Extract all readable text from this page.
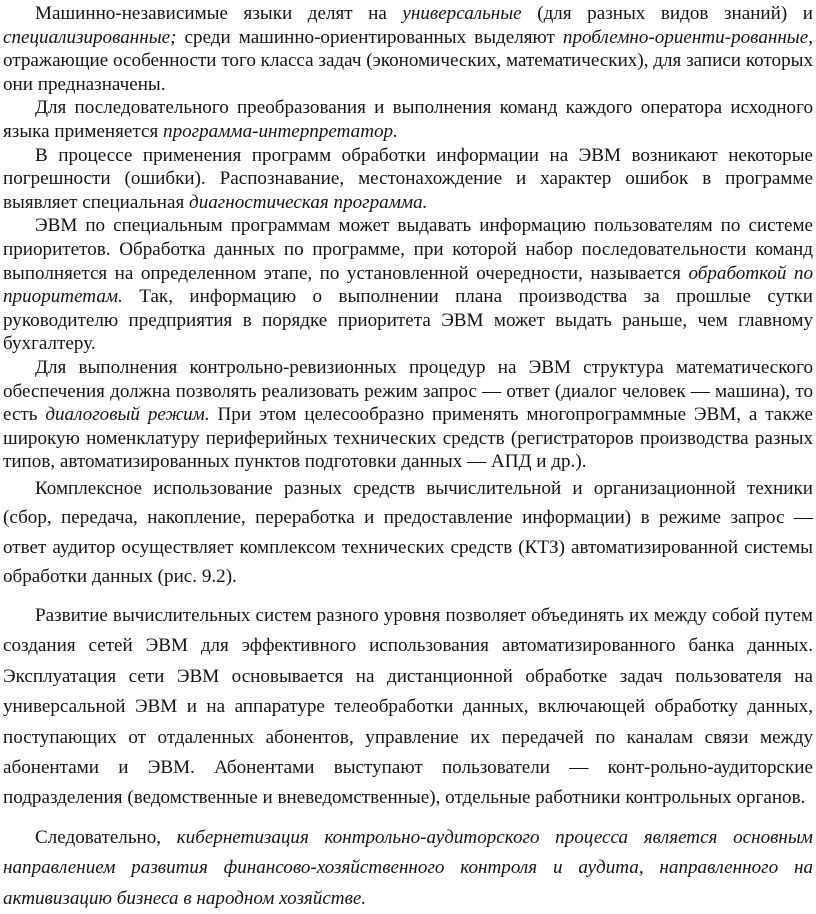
Машинно-независимые языки делят на универсальные (для разных видов знаний) и специализированные; среди машинно-ориентированных выделяют проблемно-ориенти-рованные, отражающие особенности того класса задач (экономических, математических), для записи которых они предназначены.

Для последовательного преобразования и выполнения команд каждого оператора исходного языка применяется программа-интерпретатор.

В процессе применения программ обработки информации на ЭВМ возникают некоторые погрешности (ошибки). Распознавание, местонахождение и характер ошибок в программе выявляет специальная диагностическая программа.

ЭВМ по специальным программам может выдавать информацию пользователям по системе приоритетов. Обработка данных по программе, при которой набор последовательности команд выполняется на определенном этапе, по установленной очередности, называется обработкой по приоритетам. Так, информацию о выполнении плана производства за прошлые сутки руководителю предприятия в порядке приоритета ЭВМ может выдать раньше, чем главному бухгалтеру.

Для выполнения контрольно-ревизионных процедур на ЭВМ структура математического обеспечения должна позволять реализовать режим запрос — ответ (диалог человек — машина), то есть диалоговый режим. При этом целесообразно применять многопрограммные ЭВМ, а также широкую номенклатуру периферийных технических средств (регистраторов производства разных типов, автоматизированных пунктов подготовки данных — АПД и др.).

Комплексное использование разных средств вычислительной и организационной техники (сбор, передача, накопление, переработка и предоставление информации) в режиме запрос — ответ аудитор осуществляет комплексом технических средств (КТЗ) автоматизированной системы обработки данных (рис. 9.2).

Развитие вычислительных систем разного уровня позволяет объединять их между собой путем создания сетей ЭВМ для эффективного использования автоматизированного банка данных. Эксплуатация сети ЭВМ основывается на дистанционной обработке задач пользователя на универсальной ЭВМ и на аппаратуре телеобработки данных, включающей обработку данных, поступающих от отдаленных абонентов, управление их передачей по каналам связи между абонентами и ЭВМ. Абонентами выступают пользователи — конт-рольно-аудиторские подразделения (ведомственные и вневедомственные), отдельные работники контрольных органов.

Следовательно, кибернетизация контрольно-аудиторского процесса является основным направлением развития финансово-хозяйственного контроля и аудита, направленного на активизацию бизнеса в народном хозяйстве.
